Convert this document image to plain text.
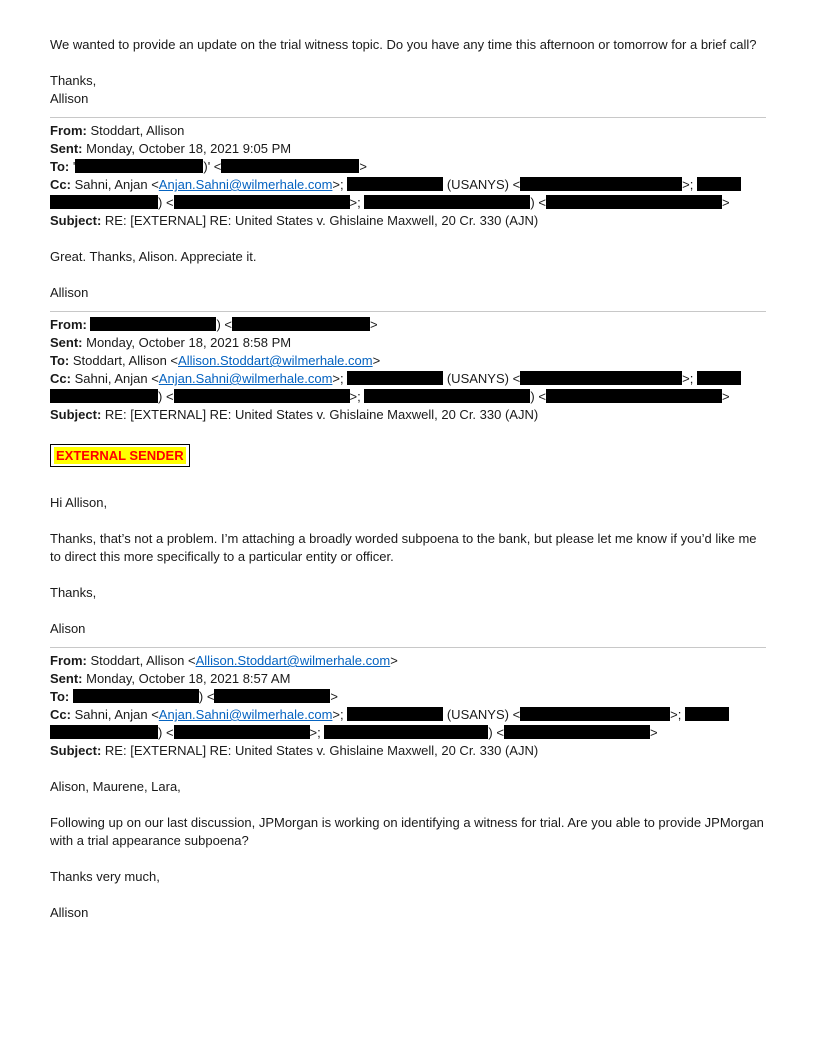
We wanted to provide an update on the trial witness topic. Do you have any time this afternoon or tomorrow for a brief call?
Thanks,
Allison
From: Stoddart, Allison
Sent: Monday, October 18, 2021 9:05 PM
To: '	)' <	>
Cc: Sahni, Anjan <Anjan.Sahni@wilmerhale.com>;	(USANYS) <	>;
) <	>;	) <	>
Subject: RE: [EXTERNAL] RE: United States v. Ghislaine Maxwell, 20 Cr. 330 (AJN)
Great. Thanks, Alison. Appreciate it.
Allison
From:	) <	>
Sent: Monday, October 18, 2021 8:58 PM
To: Stoddart, Allison <Allison.Stoddart@wilmerhale.com>
Cc: Sahni, Anjan <Anjan.Sahni@wilmerhale.com>;	(USANYS) <	>;
) <	>;	) <	>
Subject: RE: [EXTERNAL] RE: United States v. Ghislaine Maxwell, 20 Cr. 330 (AJN)
EXTERNAL SENDER
Hi Allison,
Thanks, that’s not a problem. I’m attaching a broadly worded subpoena to the bank, but please let me know if you’d like me to direct this more specifically to a particular entity or officer.
Thanks,
Alison
From: Stoddart, Allison <Allison.Stoddart@wilmerhale.com>
Sent: Monday, October 18, 2021 8:57 AM
To:	) <	>
Cc: Sahni, Anjan <Anjan.Sahni@wilmerhale.com>;	(USANYS) <	>;
) <	>;	) <	>
Subject: RE: [EXTERNAL] RE: United States v. Ghislaine Maxwell, 20 Cr. 330 (AJN)
Alison, Maurene, Lara,
Following up on our last discussion, JPMorgan is working on identifying a witness for trial. Are you able to provide JPMorgan with a trial appearance subpoena?
Thanks very much,
Allison
